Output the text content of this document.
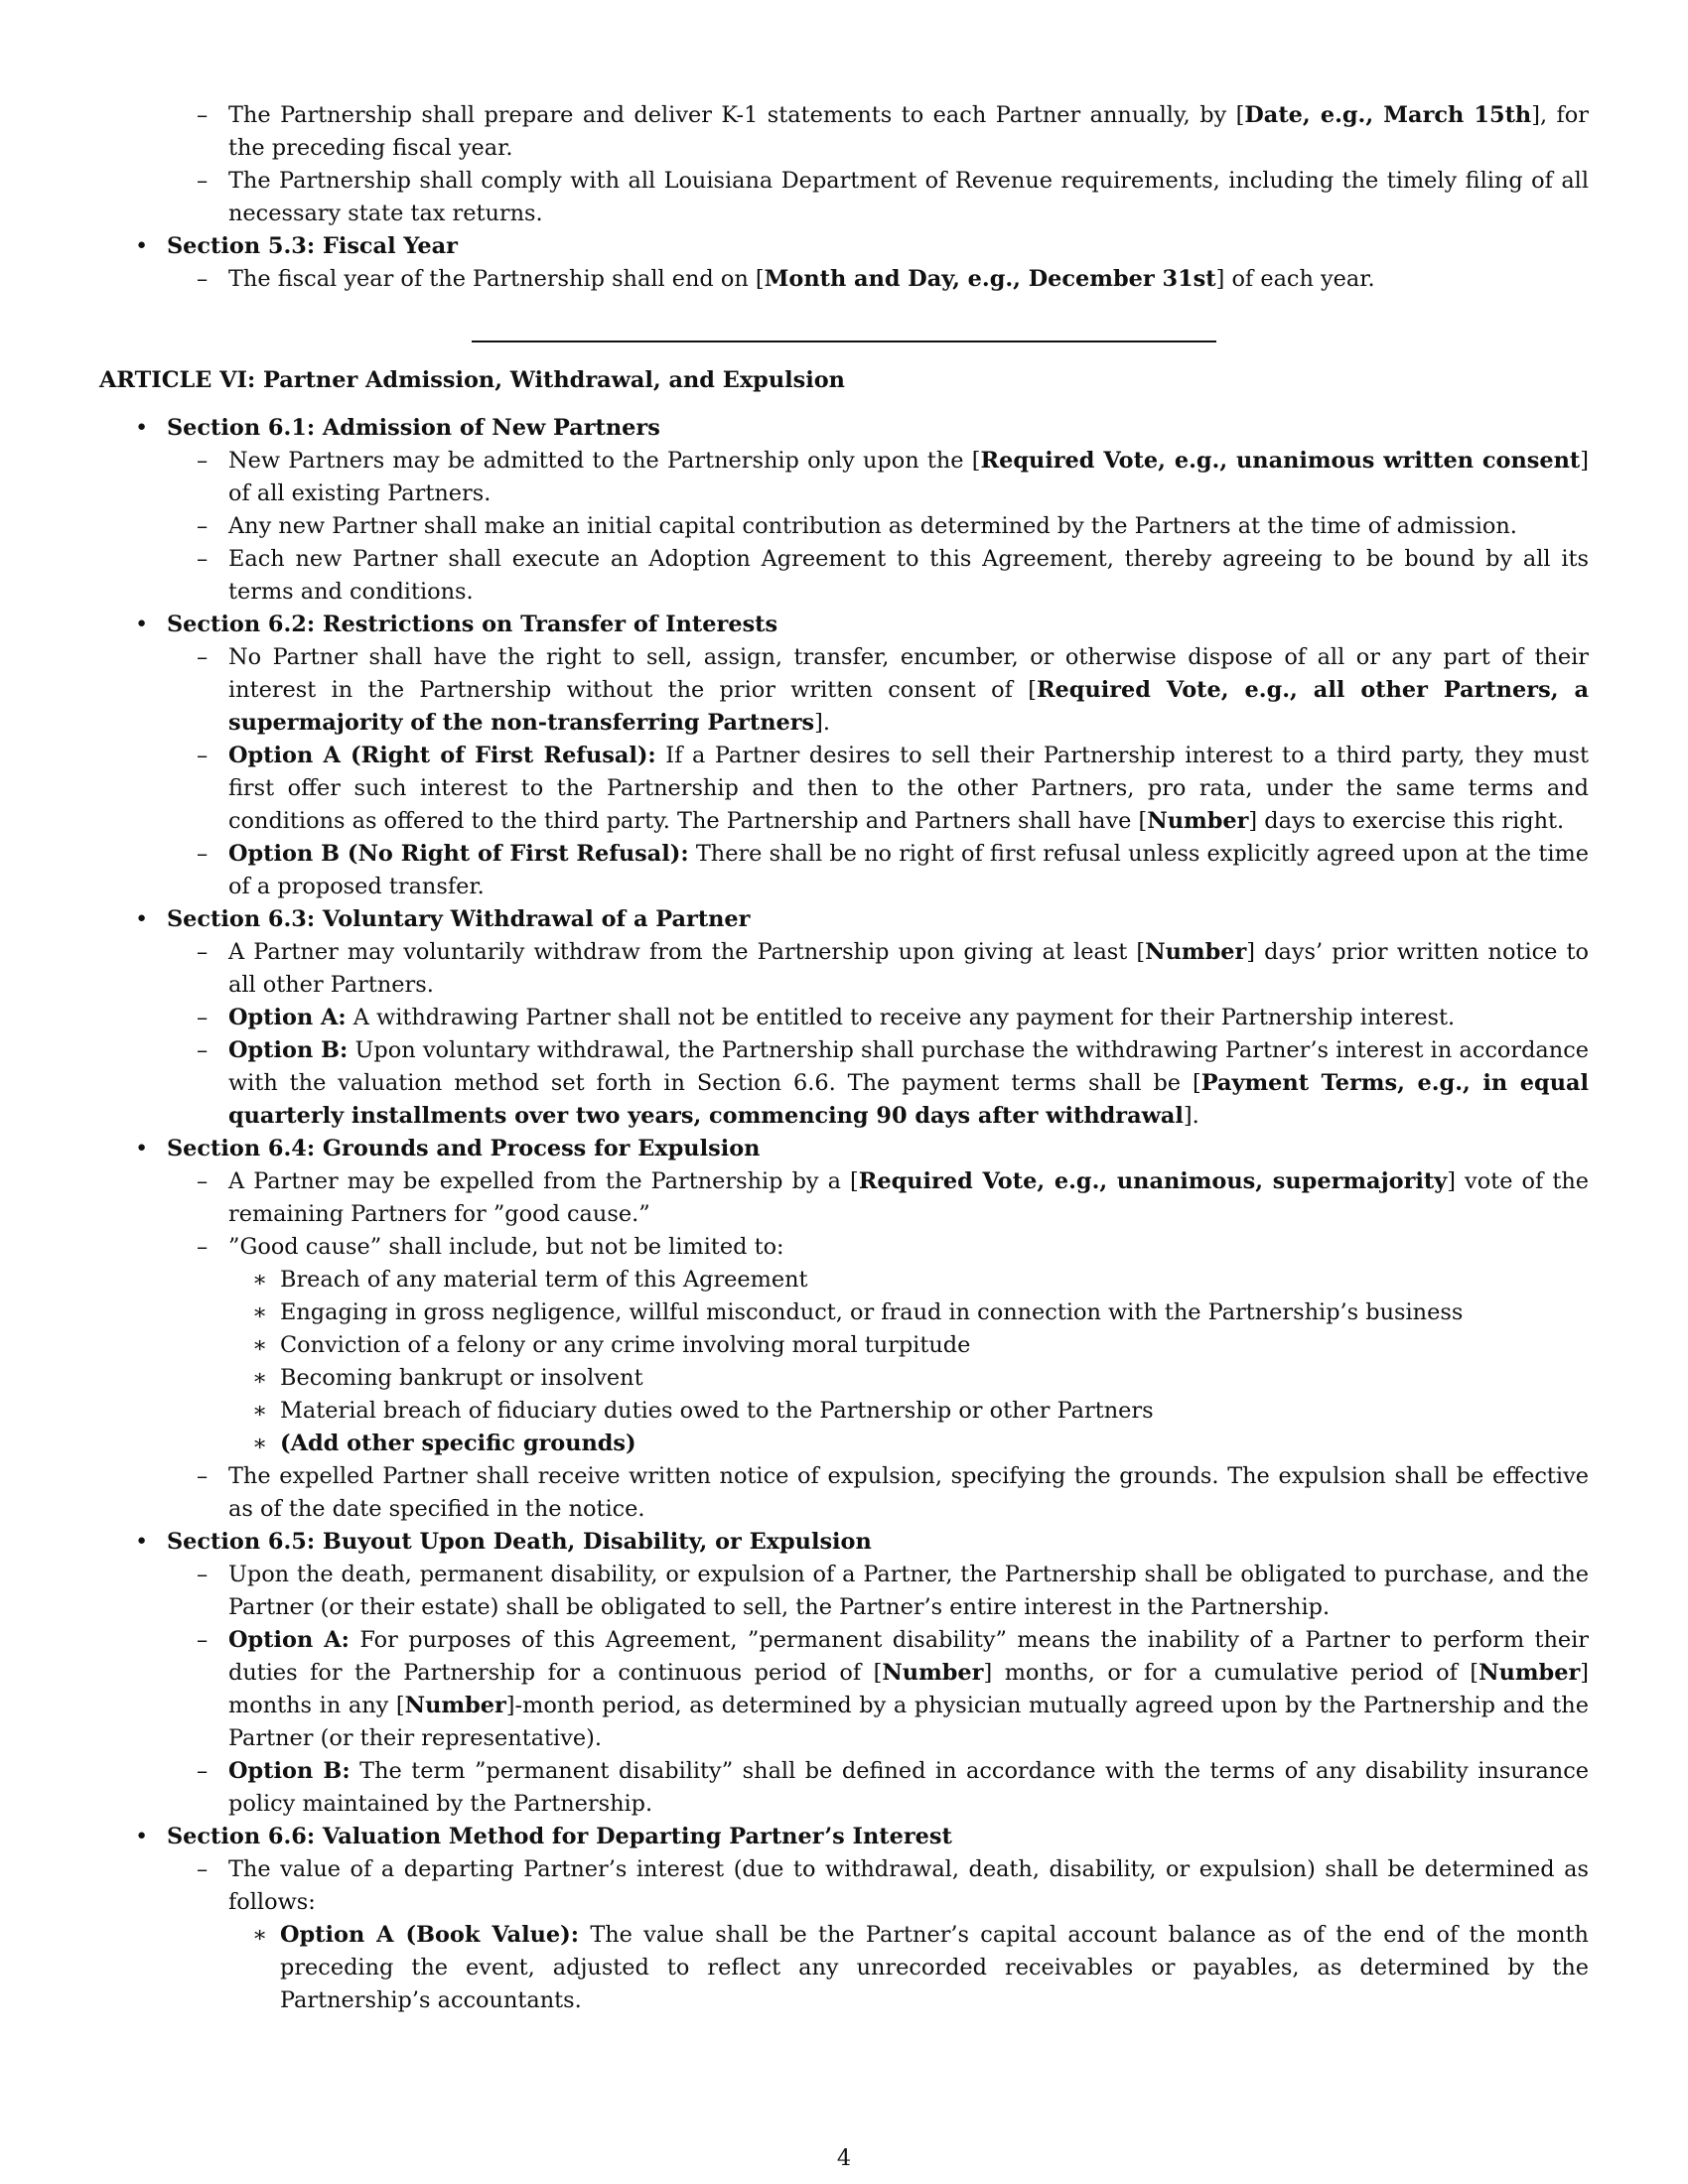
– The Partnership shall prepare and deliver K-1 statements to each Partner annually, by [Date, e.g., March 15th], for the preceding fiscal year.
– The Partnership shall comply with all Louisiana Department of Revenue requirements, including the timely filing of all necessary state tax returns.
• Section 5.3: Fiscal Year
– The fiscal year of the Partnership shall end on [Month and Day, e.g., December 31st] of each year.
ARTICLE VI: Partner Admission, Withdrawal, and Expulsion
• Section 6.1: Admission of New Partners
– New Partners may be admitted to the Partnership only upon the [Required Vote, e.g., unanimous written consent] of all existing Partners.
– Any new Partner shall make an initial capital contribution as determined by the Partners at the time of admission.
– Each new Partner shall execute an Adoption Agreement to this Agreement, thereby agreeing to be bound by all its terms and conditions.
• Section 6.2: Restrictions on Transfer of Interests
– No Partner shall have the right to sell, assign, transfer, encumber, or otherwise dispose of all or any part of their interest in the Partnership without the prior written consent of [Required Vote, e.g., all other Partners, a supermajority of the non-transferring Partners].
– Option A (Right of First Refusal): If a Partner desires to sell their Partnership interest to a third party, they must first offer such interest to the Partnership and then to the other Partners, pro rata, under the same terms and conditions as offered to the third party. The Partnership and Partners shall have [Number] days to exercise this right.
– Option B (No Right of First Refusal): There shall be no right of first refusal unless explicitly agreed upon at the time of a proposed transfer.
• Section 6.3: Voluntary Withdrawal of a Partner
– A Partner may voluntarily withdraw from the Partnership upon giving at least [Number] days’ prior written notice to all other Partners.
– Option A: A withdrawing Partner shall not be entitled to receive any payment for their Partnership interest.
– Option B: Upon voluntary withdrawal, the Partnership shall purchase the withdrawing Partner’s interest in accordance with the valuation method set forth in Section 6.6. The payment terms shall be [Payment Terms, e.g., in equal quarterly installments over two years, commencing 90 days after withdrawal].
• Section 6.4: Grounds and Process for Expulsion
– A Partner may be expelled from the Partnership by a [Required Vote, e.g., unanimous, supermajority] vote of the remaining Partners for ”good cause.”
– ”Good cause” shall include, but not be limited to:
∗ Breach of any material term of this Agreement
∗ Engaging in gross negligence, willful misconduct, or fraud in connection with the Partnership’s business
∗ Conviction of a felony or any crime involving moral turpitude
∗ Becoming bankrupt or insolvent
∗ Material breach of fiduciary duties owed to the Partnership or other Partners
∗ (Add other specific grounds)
– The expelled Partner shall receive written notice of expulsion, specifying the grounds. The expulsion shall be effective as of the date specified in the notice.
• Section 6.5: Buyout Upon Death, Disability, or Expulsion
– Upon the death, permanent disability, or expulsion of a Partner, the Partnership shall be obligated to purchase, and the Partner (or their estate) shall be obligated to sell, the Partner’s entire interest in the Partnership.
– Option A: For purposes of this Agreement, ”permanent disability” means the inability of a Partner to perform their duties for the Partnership for a continuous period of [Number] months, or for a cumulative period of [Number] months in any [Number]-month period, as determined by a physician mutually agreed upon by the Partnership and the Partner (or their representative).
– Option B: The term ”permanent disability” shall be defined in accordance with the terms of any disability insurance policy maintained by the Partnership.
• Section 6.6: Valuation Method for Departing Partner’s Interest
– The value of a departing Partner’s interest (due to withdrawal, death, disability, or expulsion) shall be determined as follows:
∗ Option A (Book Value): The value shall be the Partner’s capital account balance as of the end of the month preceding the event, adjusted to reflect any unrecorded receivables or payables, as determined by the Partnership’s accountants.
4
